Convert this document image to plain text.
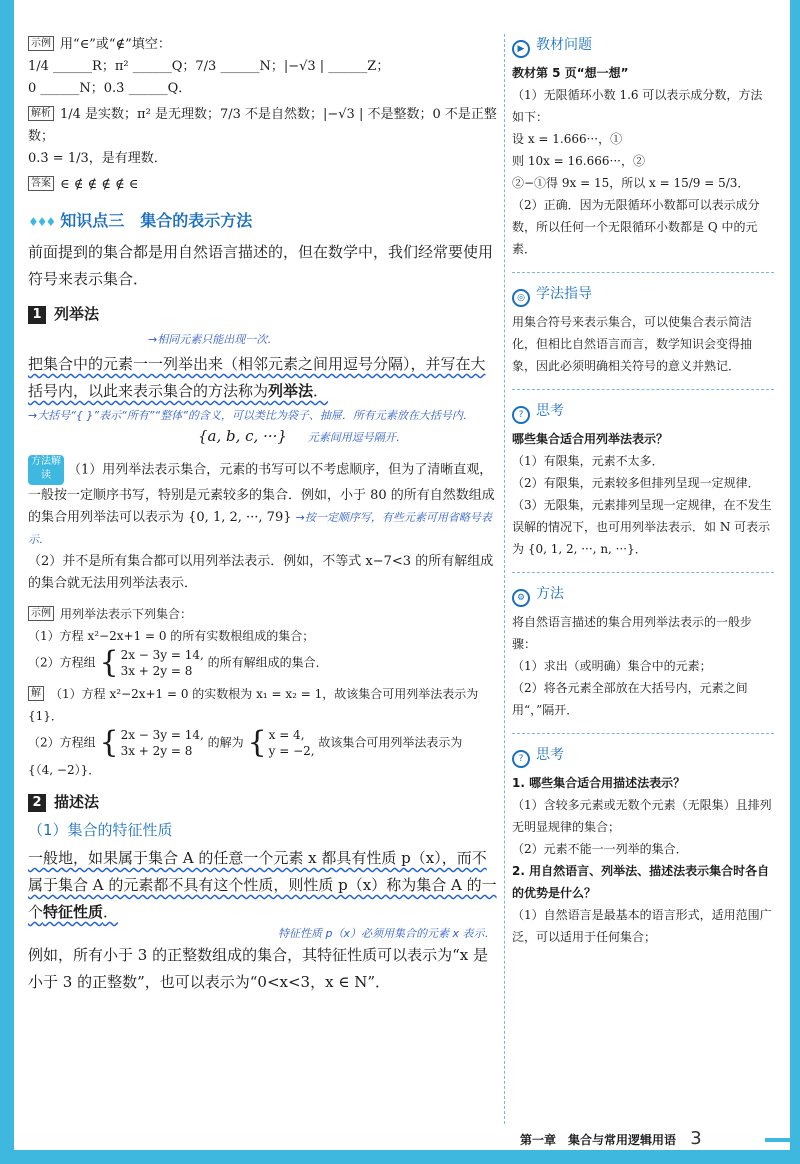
示例 用“∈”或“∉”填空：

1/4 ______R；π² ______Q；7/3 ______N；|−√3 | ______Z；

0 ______N；0.3̇ ______Q．

解析 1/4 是实数；π² 是无理数；7/3 不是自然数；|−√3 | 不是整数；0 不是正整数；

0.3̇ = 1/3，是有理数．

答案 ∈ ∉ ∉ ∉ ∉ ∈

♦♦♦ 知识点三　集合的表示方法

前面提到的集合都是用自然语言描述的，但在数学中，我们经常要使用符号来表示集合．

1 列举法

→相同元素只能出现一次．

把集合中的元素一一列举出来（相邻元素之间用逗号分隔），并写在大括号内，以此来表示集合的方法称为列举法．

→大括号“{ }”表示“所有”“整体”的含义，可以类比为袋子、抽屉．所有元素放在大括号内．

{a, b, c, ···} 元素间用逗号隔开．

方法解读 （1）用列举法表示集合，元素的书写可以不考虑顺序，但为了清晰直观，一般按一定顺序书写，特别是元素较多的集合．例如，小于 80 的所有自然数组成的集合用列举法可以表示为 {0, 1, 2, ···, 79} →按一定顺序写，有些元素可用省略号表示．

（2）并不是所有集合都可以用列举法表示．例如，不等式 x−7<3 的所有解组成的集合就无法用列举法表示．

示例 用列举法表示下列集合：

（1）方程 x²−2x+1 = 0 的所有实数根组成的集合；

（2）方程组 { 2x − 3y = 14,
3x + 2y = 8
的所有解组成的集合．

解 （1）方程 x²−2x+1 = 0 的实数根为 x₁ = x₂ = 1，故该集合可用列举法表示为 {1}．

（2）方程组 { 2x − 3y = 14,
3x + 2y = 8
的解为 { x = 4,
y = −2,
故该集合可用列举法表示为

{（4, −2）}．

2 描述法
（1）集合的特征性质

一般地，如果属于集合 A 的任意一个元素 x 都具有性质 p（x），而不属于集合 A 的元素都不具有这个性质，则性质 p（x）称为集合 A 的一个特征性质．

特征性质 p（x）必须用集合的元素 x 表示．

例如，所有小于 3 的正整数组成的集合，其特征性质可以表示为“x 是小于 3 的正整数”，也可以表示为“0<x<3，x ∈ N”．

▶ 教材问题

教材第 5 页“想一想”

（1）无限循环小数 1.6̇ 可以表示成分数，方法如下：

设 x = 1.666···，①

则 10x = 16.666···，②

②−①得 9x = 15，所以 x = 15/9 = 5/3．

（2）正确．因为无限循环小数都可以表示成分数，所以任何一个无限循环小数都是 Q 中的元素．

◎ 学法指导

用集合符号来表示集合，可以使集合表示简洁化，但相比自然语言而言，数学知识会变得抽象，因此必须明确相关符号的意义并熟记．

? 思考

哪些集合适合用列举法表示？

（1）有限集，元素不太多．

（2）有限集，元素较多但排列呈现一定规律．

（3）无限集，元素排列呈现一定规律，在不发生误解的情况下，也可用列举法表示．如 N 可表示为 {0, 1, 2, ···, n, ···}．

⚙ 方法

将自然语言描述的集合用列举法表示的一般步骤：

（1）求出（或明确）集合中的元素；

（2）将各元素全部放在大括号内，元素之间用“，”隔开．

? 思考

1. 哪些集合适合用描述法表示？

（1）含较多元素或无数个元素（无限集）且排列无明显规律的集合；

（2）元素不能一一列举的集合．

2. 用自然语言、列举法、描述法表示集合时各自的优势是什么？

（1）自然语言是最基本的语言形式，适用范围广泛，可以适用于任何集合；

第一章　集合与常用逻辑用语 3
